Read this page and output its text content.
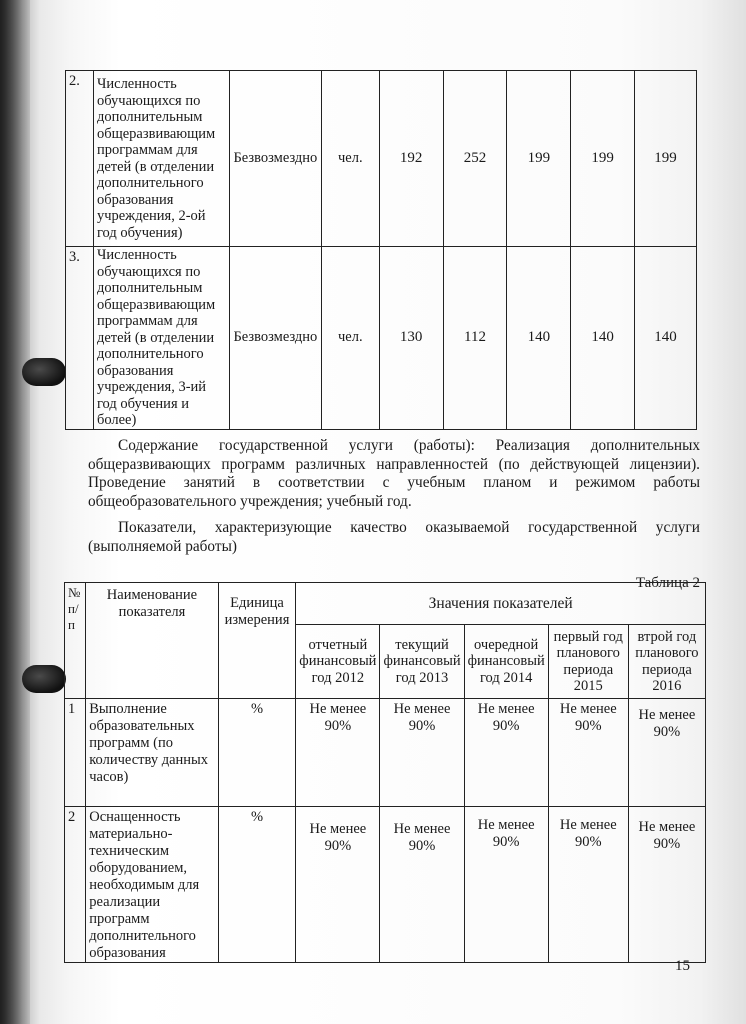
2.	Численность обучающихся по дополнительным общеразвивающим программам для детей (в отделении дополнительного образования учреждения, 2-ой год обучения)	Безвозмездно	чел.	192	252	199	199	199
3.	Численность обучающихся по дополнительным общеразвивающим программам для детей (в отделении дополнительного образования учреждения, 3-ий год обучения и более)	Безвозмездно	чел.	130	112	140	140	140
Содержание государственной услуги (работы): Реализация дополнительных общеразвивающих программ различных направленностей (по действующей лицензии). Проведение занятий в соответствии с учебным планом и режимом работы общеобразовательного учреждения; учебный год.
Показатели, характеризующие качество оказываемой государственной услуги (выполняемой работы)
Таблица 2
№ п/п	Наименование показателя	Единица измерения	Значения показателей				
			отчетный финансовый год 2012	текущий финансовый год 2013	очередной финансовый год 2014	первый год планового периода 2015	втрой год планового периода 2016
1	Выполнение образовательных программ (по количеству данных часов)	%	Не менее 90%	Не менее 90%	Не менее 90%	Не менее 90%	Не менее 90%
2	Оснащенность материально-техническим оборудованием, необходимым для реализации программ дополнительного образования	%	Не менее 90%	Не менее 90%	Не менее 90%	Не менее 90%	Не менее 90%
15
